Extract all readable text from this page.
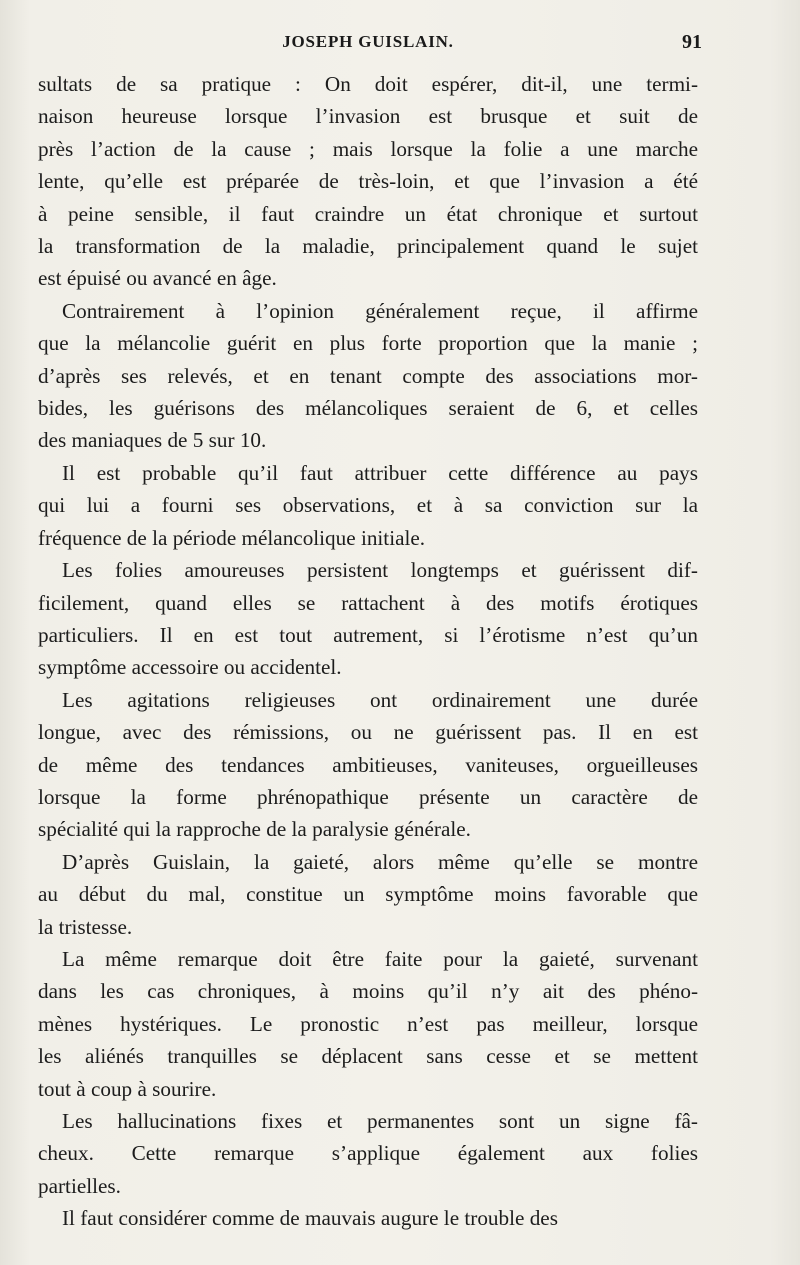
JOSEPH GUISLAIN.	91
sultats de sa pratique : On doit espérer, dit-il, une termi-
naison heureuse lorsque l’invasion est brusque et suit de
près l’action de la cause ; mais lorsque la folie a une marche
lente, qu’elle est préparée de très-loin, et que l’invasion a été
à peine sensible, il faut craindre un état chronique et surtout
la transformation de la maladie, principalement quand le sujet
est épuisé ou avancé en âge.
Contrairement à l’opinion généralement reçue, il affirme
que la mélancolie guérit en plus forte proportion que la manie ;
d’après ses relevés, et en tenant compte des associations mor-
bides, les guérisons des mélancoliques seraient de 6, et celles
des maniaques de 5 sur 10.
Il est probable qu’il faut attribuer cette différence au pays
qui lui a fourni ses observations, et à sa conviction sur la
fréquence de la période mélancolique initiale.
Les folies amoureuses persistent longtemps et guérissent dif-
ficilement, quand elles se rattachent à des motifs érotiques
particuliers. Il en est tout autrement, si l’érotisme n’est qu’un
symptôme accessoire ou accidentel.
Les agitations religieuses ont ordinairement une durée
longue, avec des rémissions, ou ne guérissent pas. Il en est
de même des tendances ambitieuses, vaniteuses, orgueilleuses
lorsque la forme phrénopathique présente un caractère de
spécialité qui la rapproche de la paralysie générale.
D’après Guislain, la gaieté, alors même qu’elle se montre
au début du mal, constitue un symptôme moins favorable que
la tristesse.
La même remarque doit être faite pour la gaieté, survenant
dans les cas chroniques, à moins qu’il n’y ait des phéno-
mènes hystériques. Le pronostic n’est pas meilleur, lorsque
les aliénés tranquilles se déplacent sans cesse et se mettent
tout à coup à sourire.
Les hallucinations fixes et permanentes sont un signe fâ-
cheux. Cette remarque s’applique également aux folies
partielles.
Il faut considérer comme de mauvais augure le trouble des
